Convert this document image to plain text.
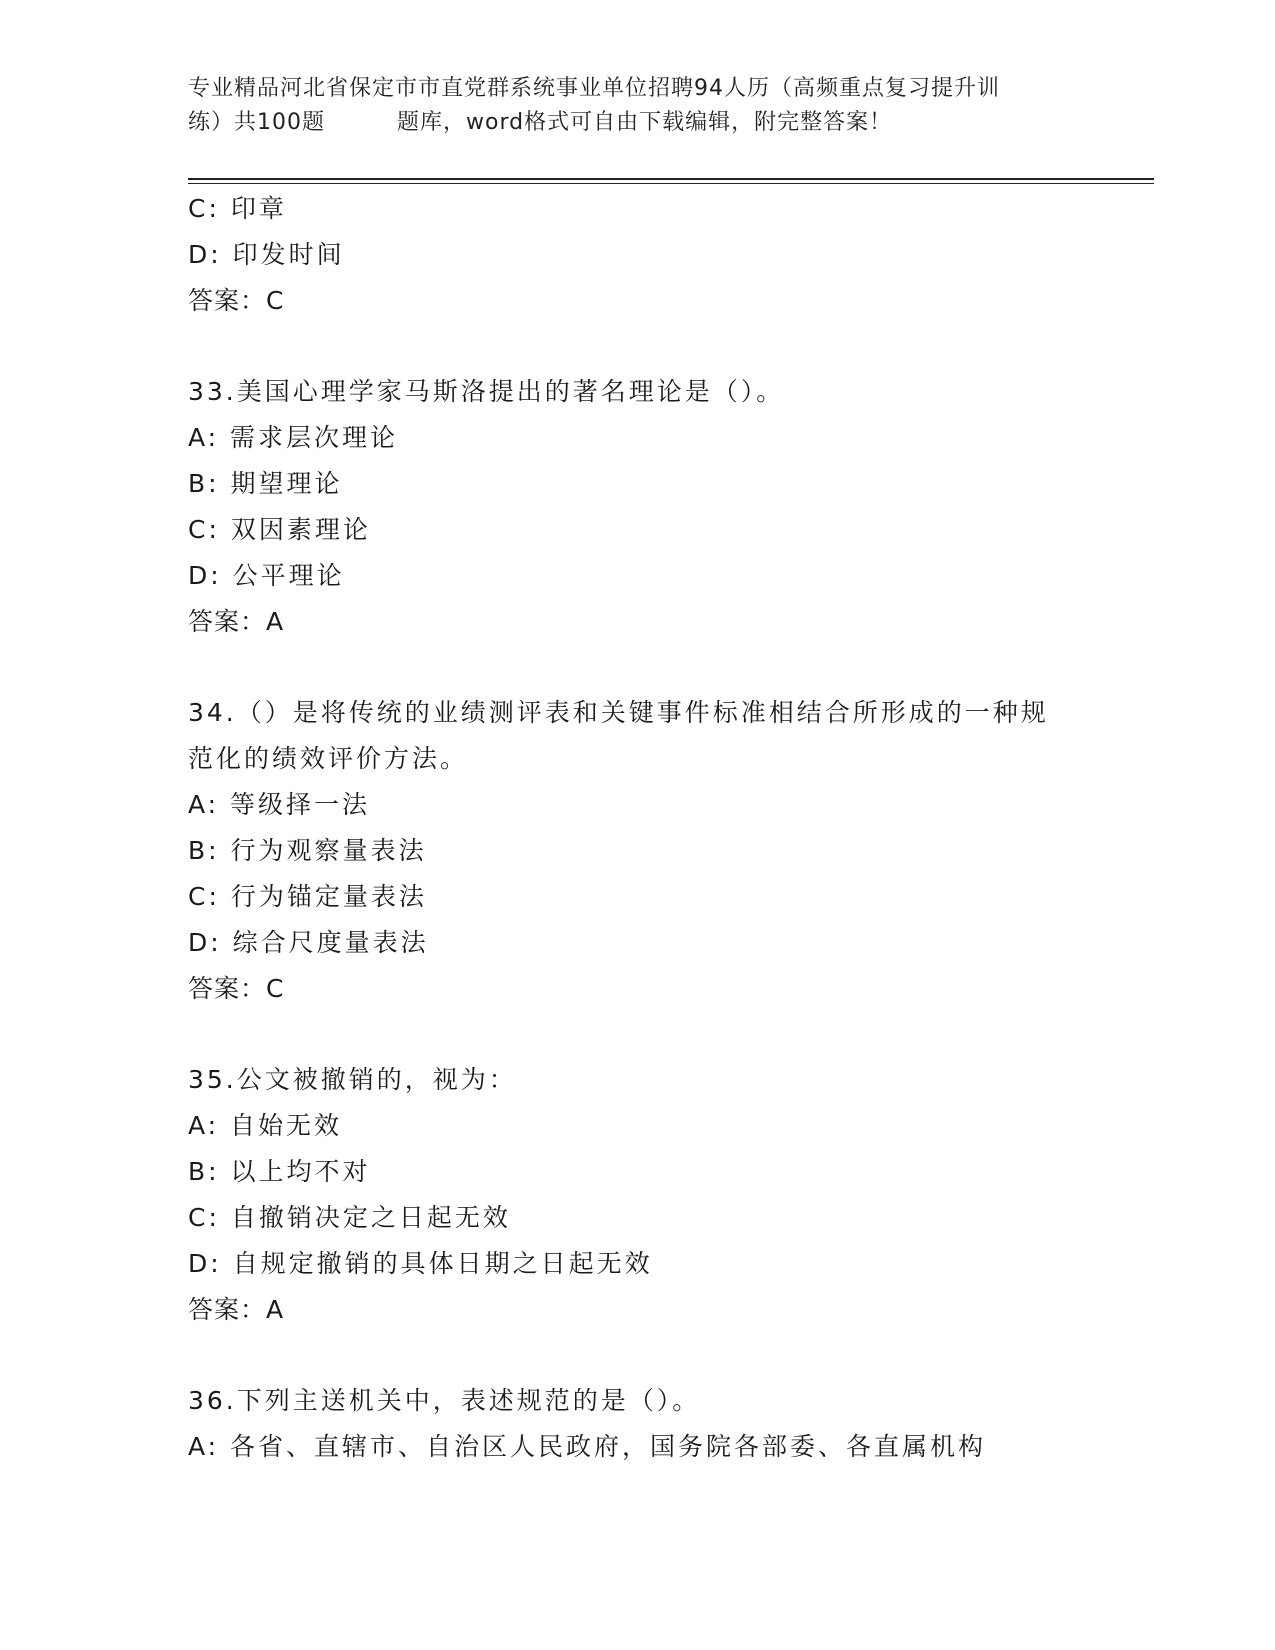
专业精品河北省保定市市直党群系统事业单位招聘94人历（高频重点复习提升训
练）共100题	题库，word格式可自由下载编辑，附完整答案！
C: 印章
D: 印发时间
答案：C
33.美国心理学家马斯洛提出的著名理论是（）。
A: 需求层次理论
B: 期望理论
C: 双因素理论
D: 公平理论
答案：A
34.（）是将传统的业绩测评表和关键事件标准相结合所形成的一种规
范化的绩效评价方法。
A: 等级择一法
B: 行为观察量表法
C: 行为锚定量表法
D: 综合尺度量表法
答案：C
35.公文被撤销的，视为：
A: 自始无效
B: 以上均不对
C: 自撤销决定之日起无效
D: 自规定撤销的具体日期之日起无效
答案：A
36.下列主送机关中，表述规范的是（）。
A: 各省、直辖市、自治区人民政府，国务院各部委、各直属机构
